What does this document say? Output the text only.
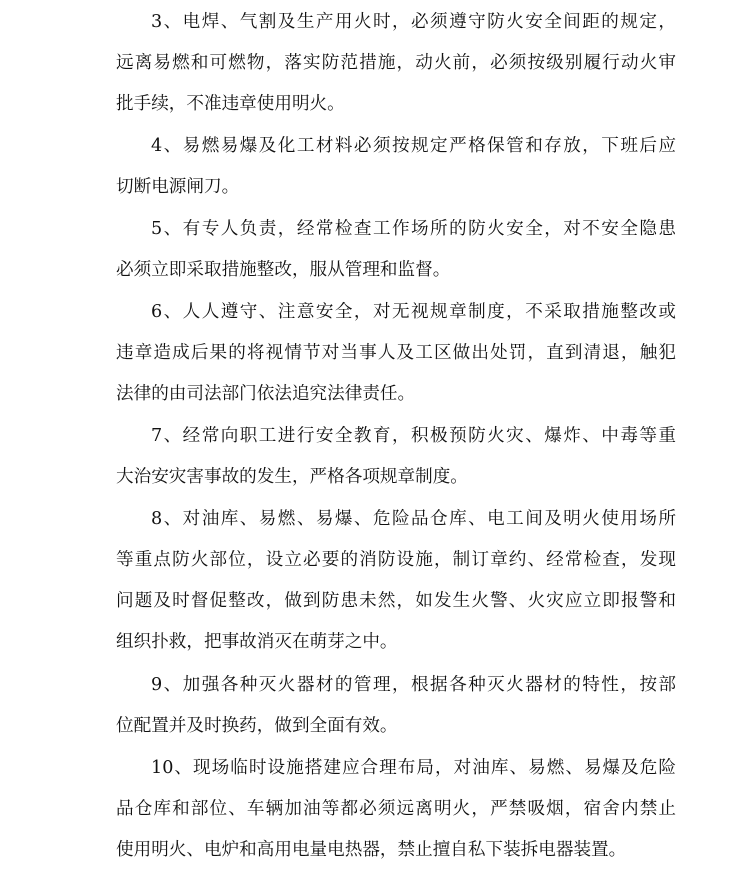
3、电焊、气割及生产用火时，必须遵守防火安全间距的规定，
远离易燃和可燃物，落实防范措施，动火前，必须按级别履行动火审
批手续，不准违章使用明火。
4、易燃易爆及化工材料必须按规定严格保管和存放，下班后应
切断电源闸刀。
5、有专人负责，经常检查工作场所的防火安全，对不安全隐患
必须立即采取措施整改，服从管理和监督。
6、人人遵守、注意安全，对无视规章制度，不采取措施整改或
违章造成后果的将视情节对当事人及工区做出处罚，直到清退，触犯
法律的由司法部门依法追究法律责任。
7、经常向职工进行安全教育，积极预防火灾、爆炸、中毒等重
大治安灾害事故的发生，严格各项规章制度。
8、对油库、易燃、易爆、危险品仓库、电工间及明火使用场所
等重点防火部位，设立必要的消防设施，制订章约、经常检查，发现
问题及时督促整改，做到防患未然，如发生火警、火灾应立即报警和
组织扑救，把事故消灭在萌芽之中。
9、加强各种灭火器材的管理，根据各种灭火器材的特性，按部
位配置并及时换药，做到全面有效。
10、现场临时设施搭建应合理布局，对油库、易燃、易爆及危险
品仓库和部位、车辆加油等都必须远离明火，严禁吸烟，宿舍内禁止
使用明火、电炉和高用电量电热器，禁止擅自私下装拆电器装置。
